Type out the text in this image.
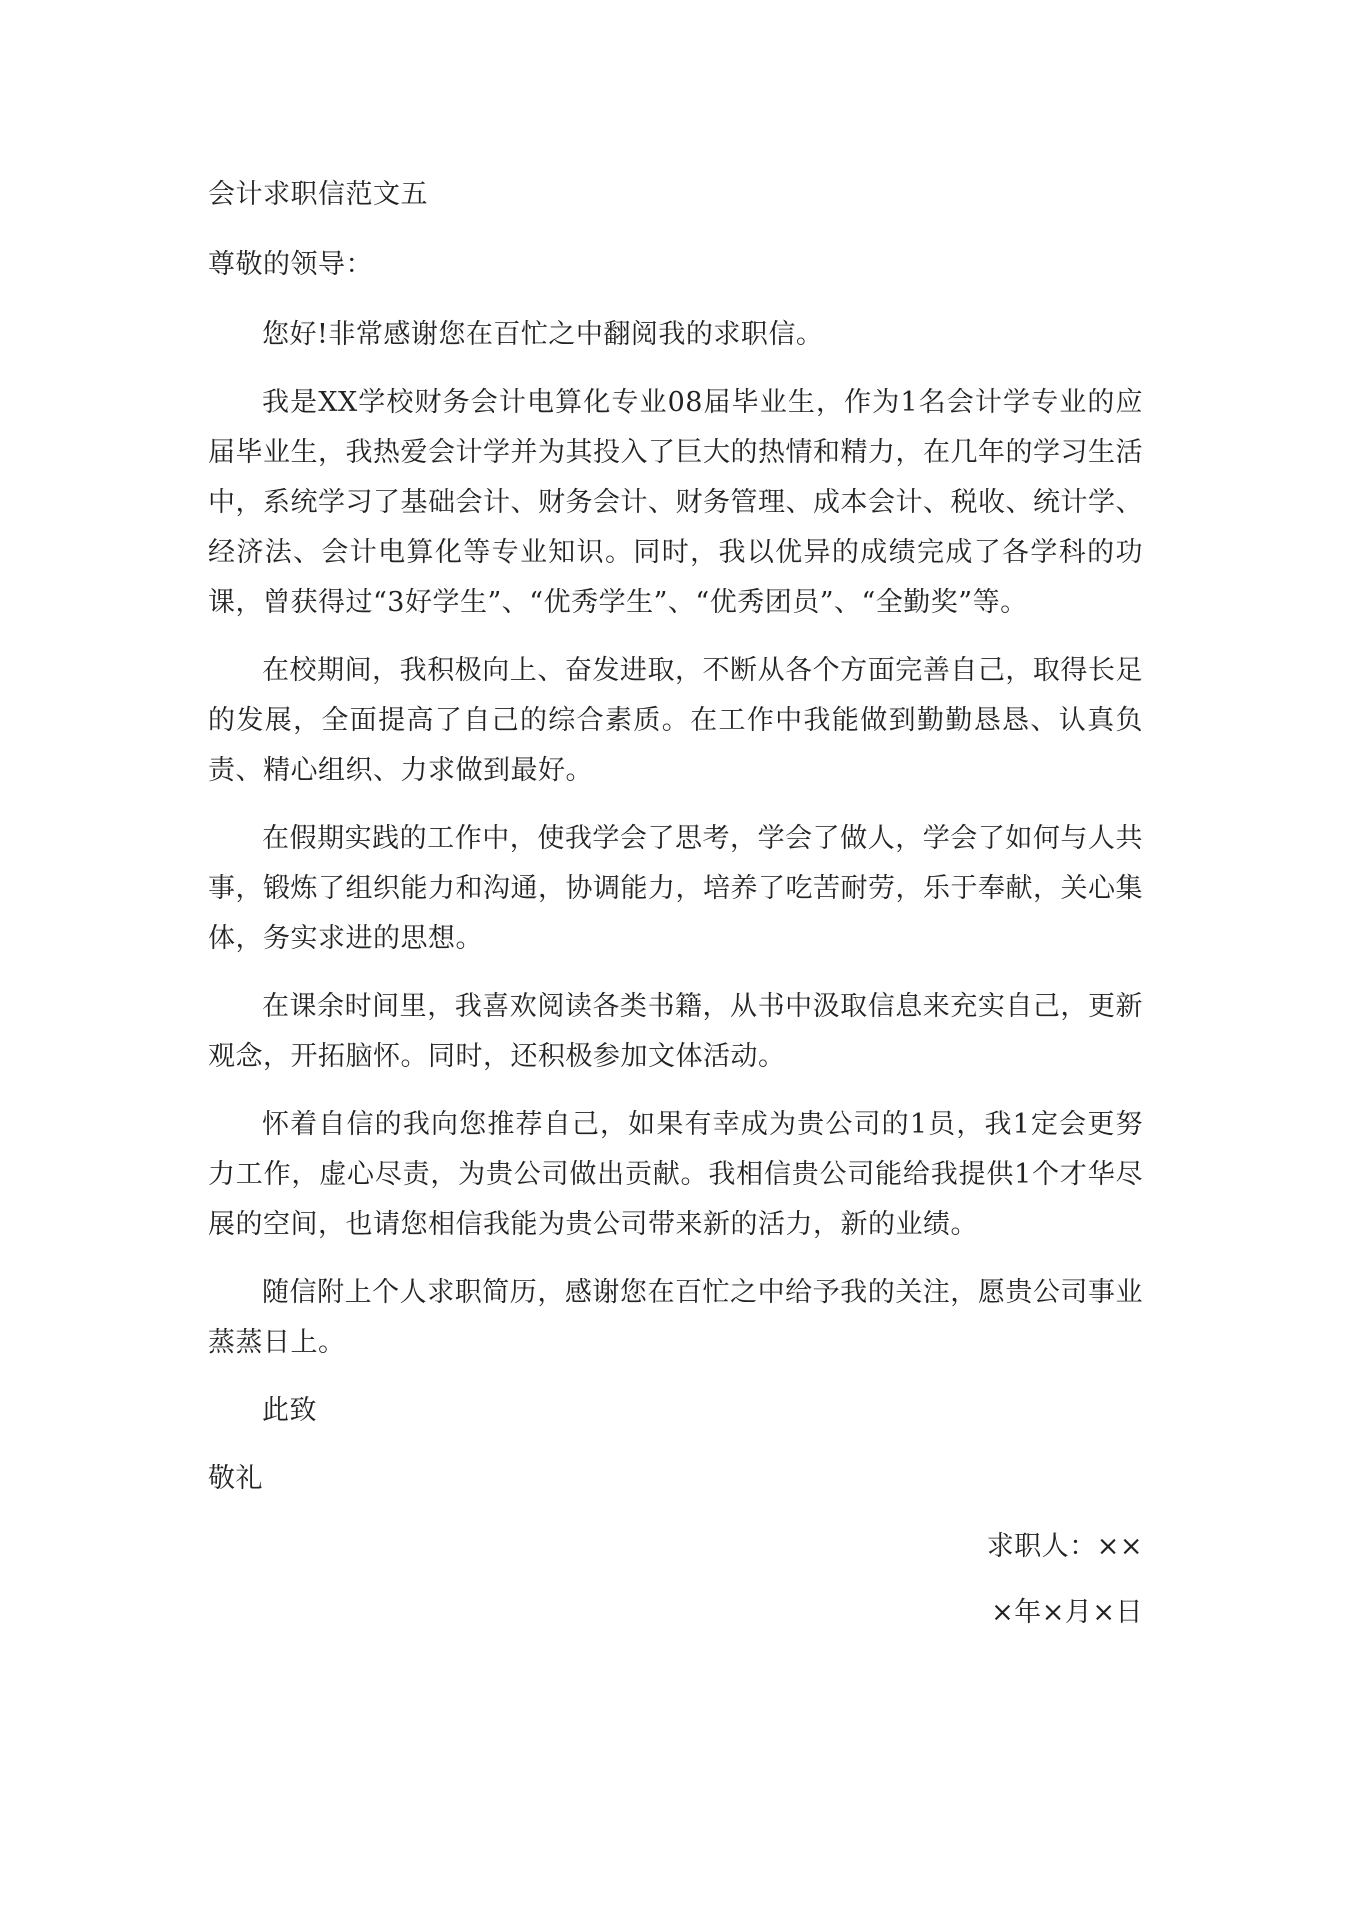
会计求职信范文五

尊敬的领导：

您好!非常感谢您在百忙之中翻阅我的求职信。

我是XX学校财务会计电算化专业08届毕业生，作为1名会计学专业的应届毕业生，我热爱会计学并为其投入了巨大的热情和精力，在几年的学习生活中，系统学习了基础会计、财务会计、财务管理、成本会计、税收、统计学、经济法、会计电算化等专业知识。同时，我以优异的成绩完成了各学科的功课，曾获得过“3好学生”、“优秀学生”、“优秀团员”、“全勤奖”等。

在校期间，我积极向上、奋发进取，不断从各个方面完善自己，取得长足的发展，全面提高了自己的综合素质。在工作中我能做到勤勤恳恳、认真负责、精心组织、力求做到最好。

在假期实践的工作中，使我学会了思考，学会了做人，学会了如何与人共事，锻炼了组织能力和沟通，协调能力，培养了吃苦耐劳，乐于奉献，关心集体，务实求进的思想。

在课余时间里，我喜欢阅读各类书籍，从书中汲取信息来充实自己，更新观念，开拓脑怀。同时，还积极参加文体活动。

怀着自信的我向您推荐自己，如果有幸成为贵公司的1员，我1定会更努力工作，虚心尽责，为贵公司做出贡献。我相信贵公司能给我提供1个才华尽展的空间，也请您相信我能为贵公司带来新的活力，新的业绩。

随信附上个人求职简历，感谢您在百忙之中给予我的关注，愿贵公司事业蒸蒸日上。

此致

敬礼

求职人：××

×年×月×日
